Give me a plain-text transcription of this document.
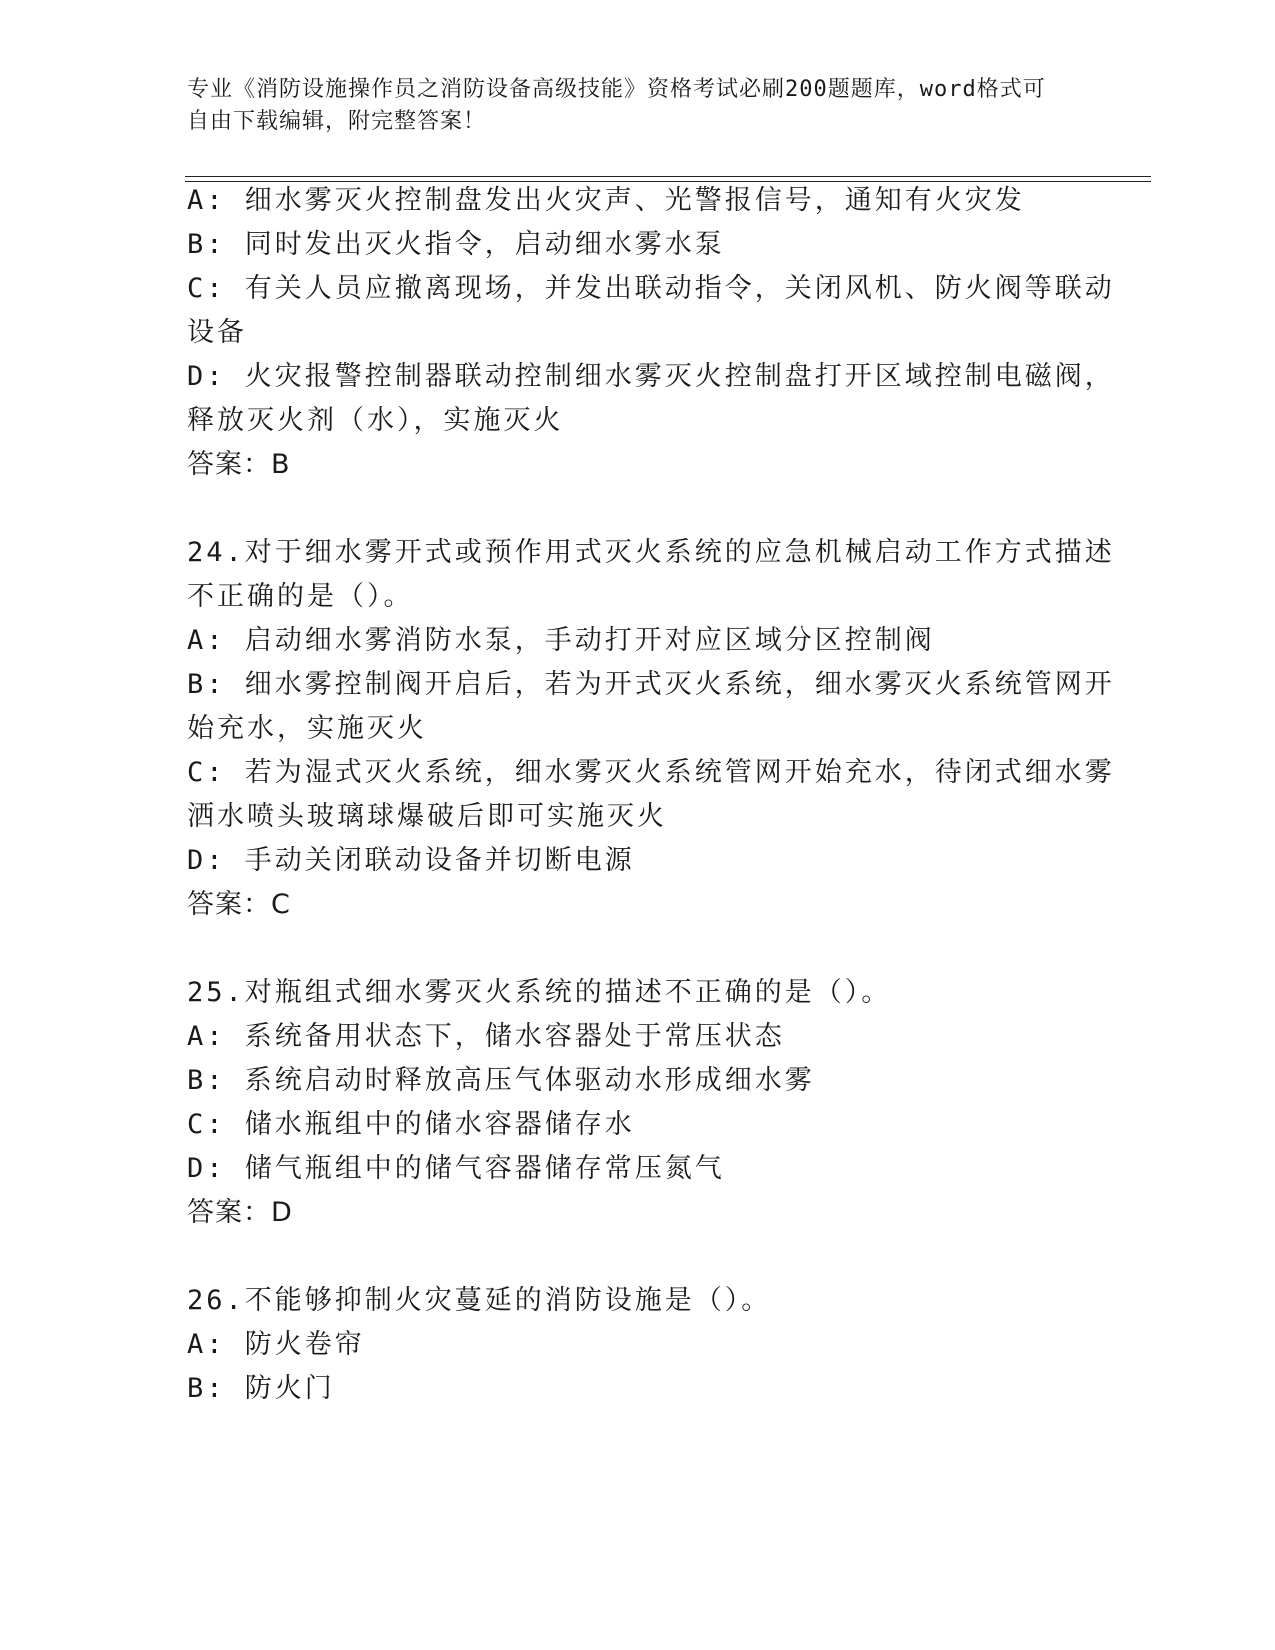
专业《消防设施操作员之消防设备高级技能》资格考试必刷200题题库，word格式可自由下载编辑，附完整答案！
A: 细水雾灭火控制盘发出火灾声、光警报信号，通知有火灾发
B: 同时发出灭火指令，启动细水雾水泵
C: 有关人员应撤离现场，并发出联动指令，关闭风机、防火阀等联动
设备
D: 火灾报警控制器联动控制细水雾灭火控制盘打开区域控制电磁阀，
释放灭火剂（水），实施灭火
答案：B
24.对于细水雾开式或预作用式灭火系统的应急机械启动工作方式描述
不正确的是（）。
A: 启动细水雾消防水泵，手动打开对应区域分区控制阀
B: 细水雾控制阀开启后，若为开式灭火系统，细水雾灭火系统管网开
始充水，实施灭火
C: 若为湿式灭火系统，细水雾灭火系统管网开始充水，待闭式细水雾
洒水喷头玻璃球爆破后即可实施灭火
D: 手动关闭联动设备并切断电源
答案：C
25.对瓶组式细水雾灭火系统的描述不正确的是（）。
A: 系统备用状态下，储水容器处于常压状态
B: 系统启动时释放高压气体驱动水形成细水雾
C: 储水瓶组中的储水容器储存水
D: 储气瓶组中的储气容器储存常压氮气
答案：D
26.不能够抑制火灾蔓延的消防设施是（）。
A: 防火卷帘
B: 防火门
